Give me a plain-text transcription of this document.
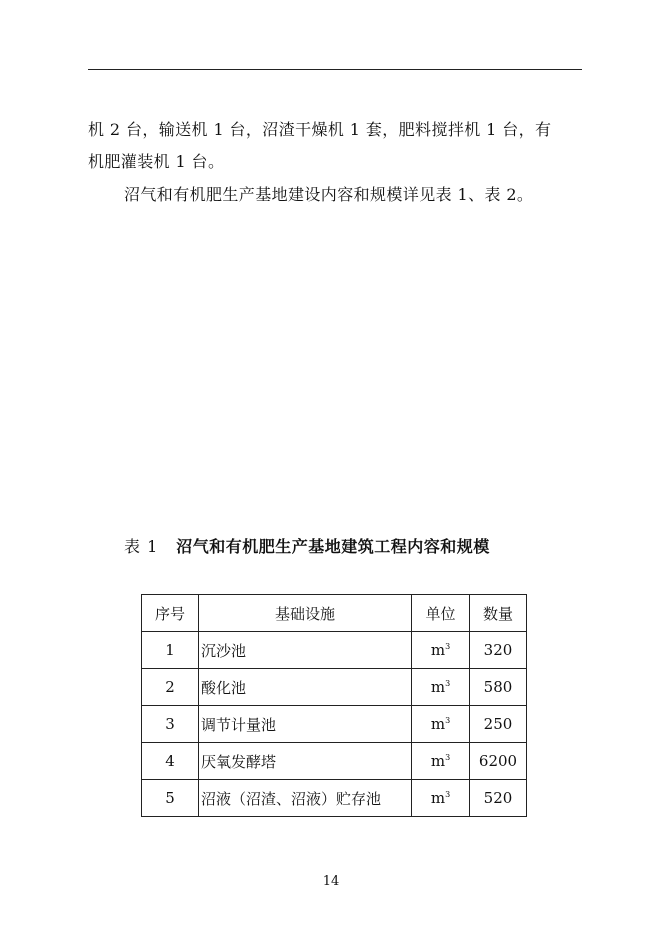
机 2 台，输送机 1 台，沼渣干燥机 1 套，肥料搅拌机 1 台，有
机肥灌装机 1 台。
沼气和有机肥生产基地建设内容和规模详见表 1、表 2。
表 1 沼气和有机肥生产基地建筑工程内容和规模
序号	基础设施	单位	数量
1	沉沙池	$m^3$	320
2	酸化池	$m^3$	580
3	调节计量池	$m^3$	250
4	厌氧发酵塔	$m^3$	6200
5	沼液（沼渣、沼液）贮存池	$m^3$	520
14
